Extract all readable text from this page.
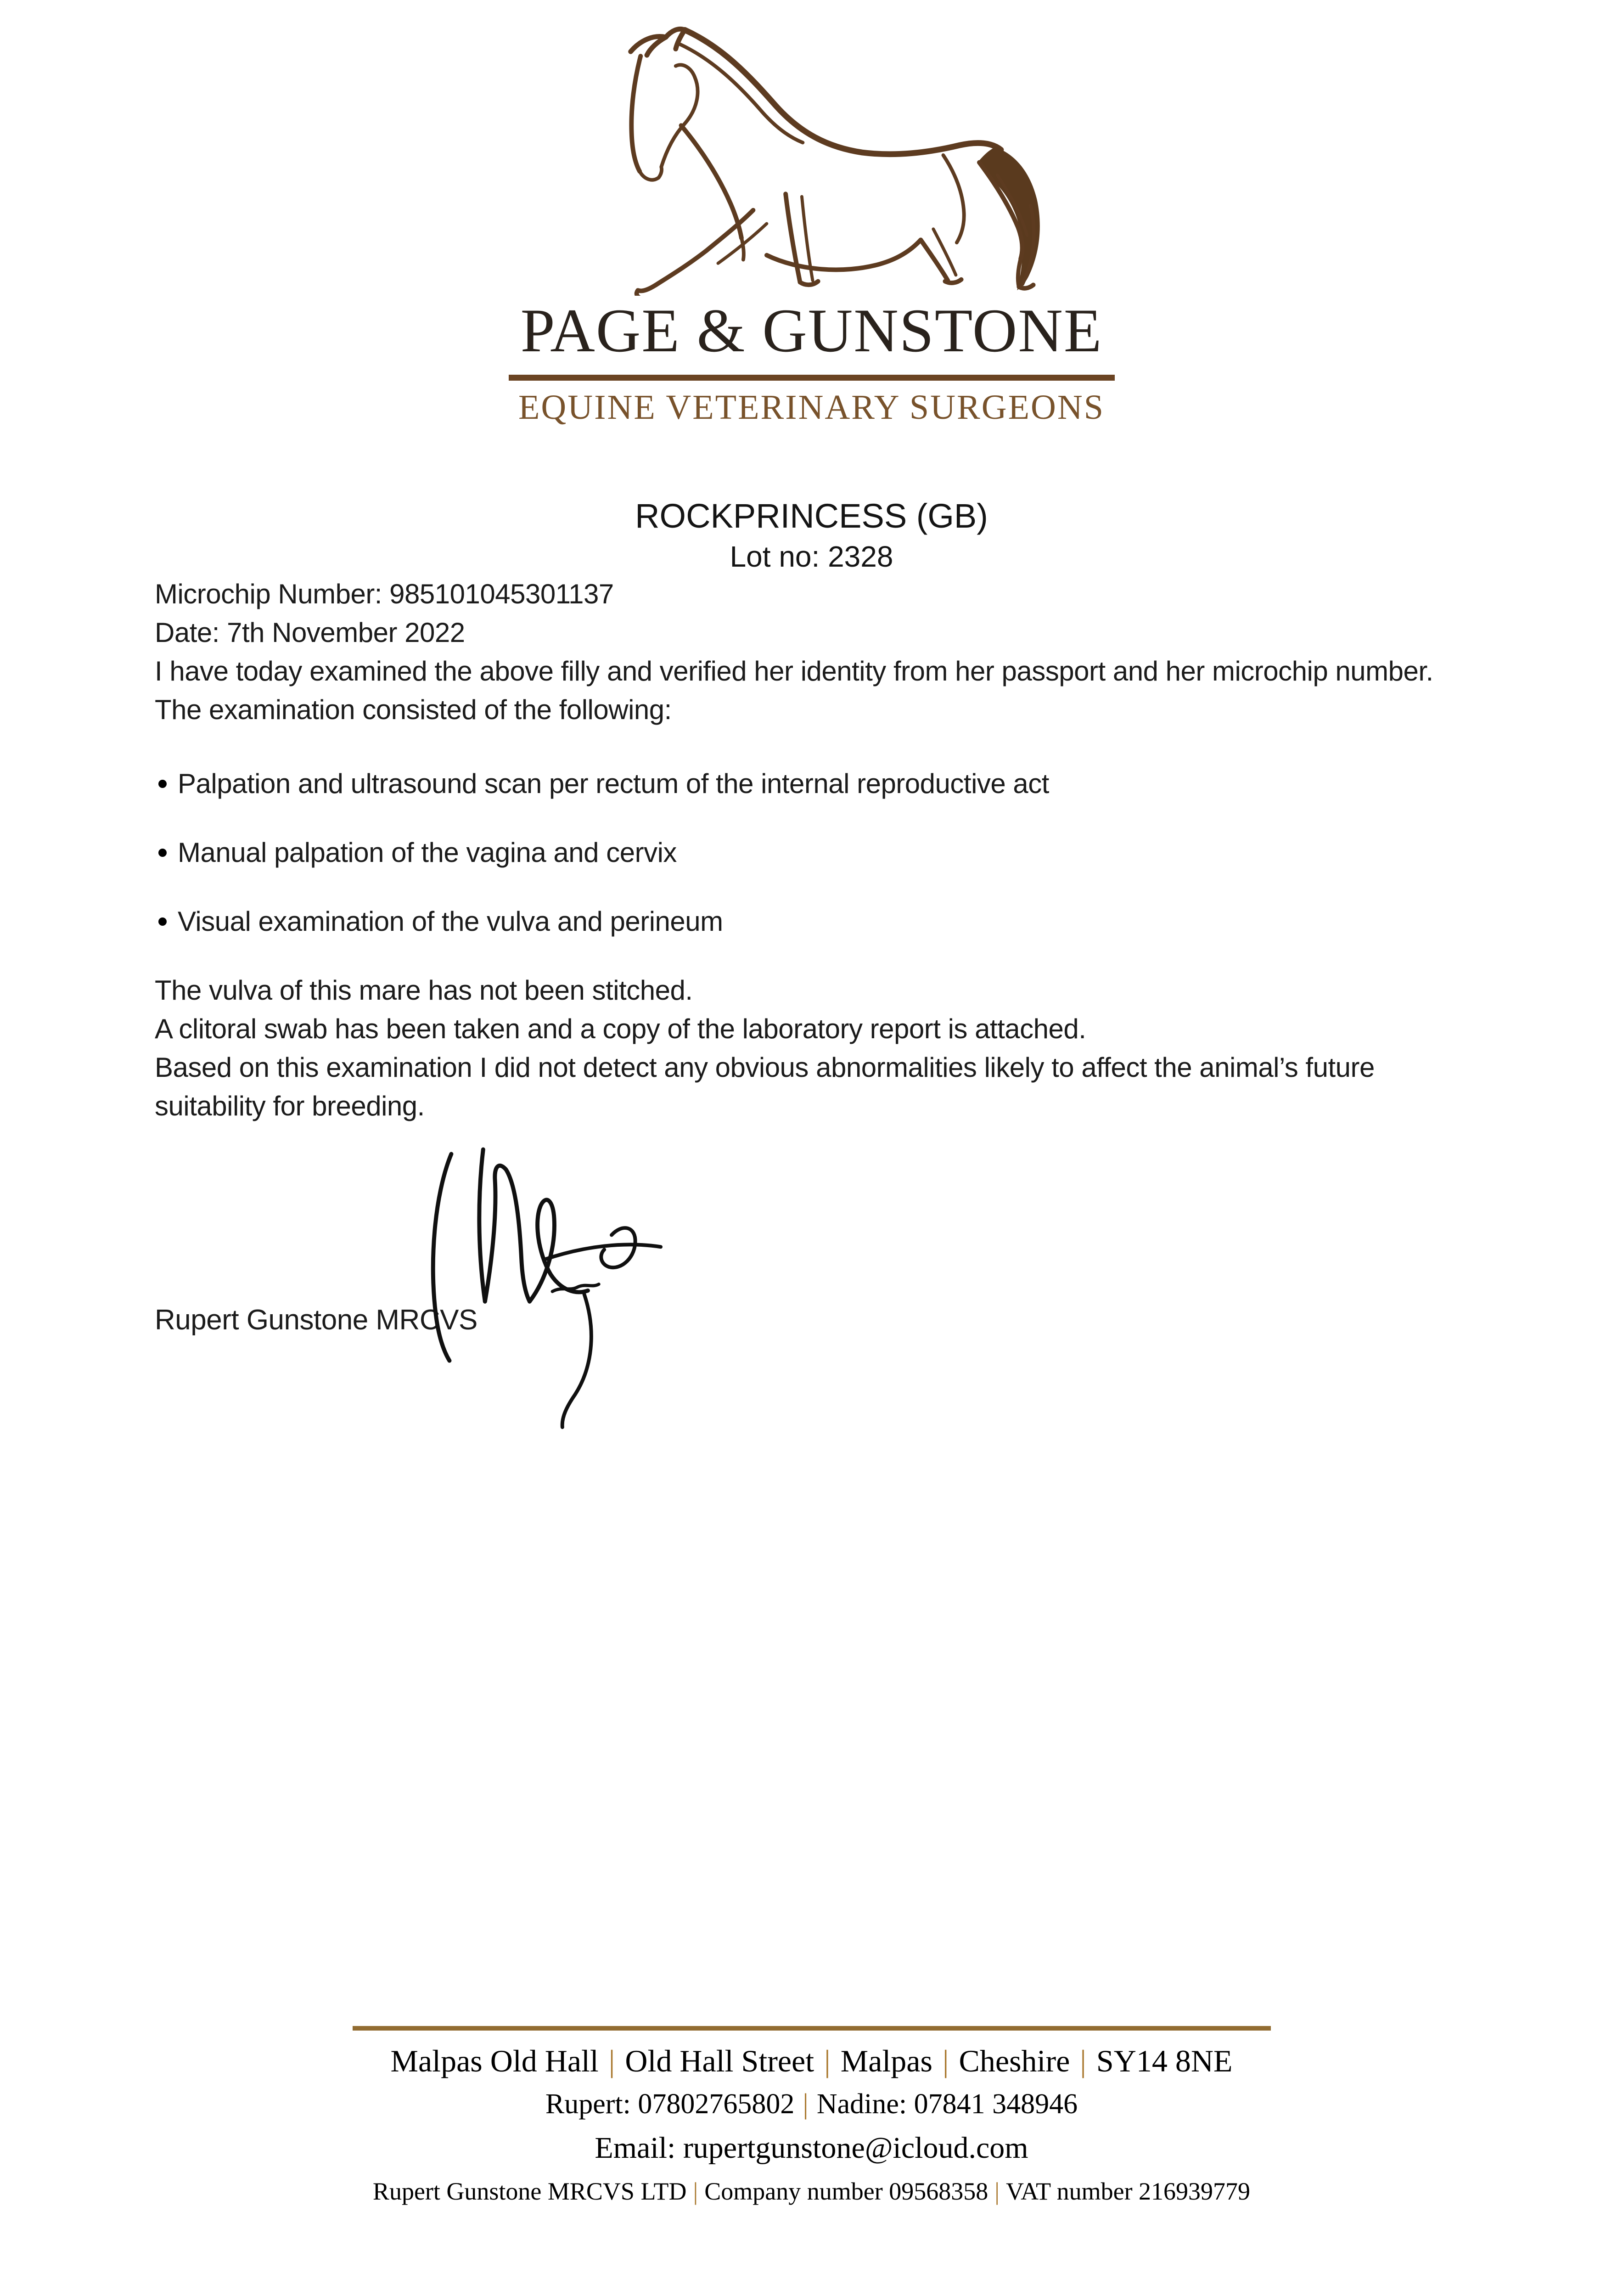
PAGE & GUNSTONE
EQUINE VETERINARY SURGEONS
ROCKPRINCESS (GB)
Lot no: 2328

Microchip Number: 985101045301137

Date: 7th November 2022

I have today examined the above filly and verified her identity from her passport and her microchip number.

The examination consisted of the following:

Palpation and ultrasound scan per rectum of the internal reproductive act
Manual palpation of the vagina and cervix
Visual examination of the vulva and perineum

The vulva of this mare has not been stitched.

A clitoral swab has been taken and a copy of the laboratory report is attached.

Based on this examination I did not detect any obvious abnormalities likely to affect the animal’s future suitability for breeding.

Rupert Gunstone MRCVS
Malpas Old Hall | Old Hall Street | Malpas | Cheshire | SY14 8NE
Rupert: 07802765802 | Nadine: 07841 348946
Email: rupertgunstone@icloud.com
Rupert Gunstone MRCVS LTD | Company number 09568358 | VAT number 216939779
